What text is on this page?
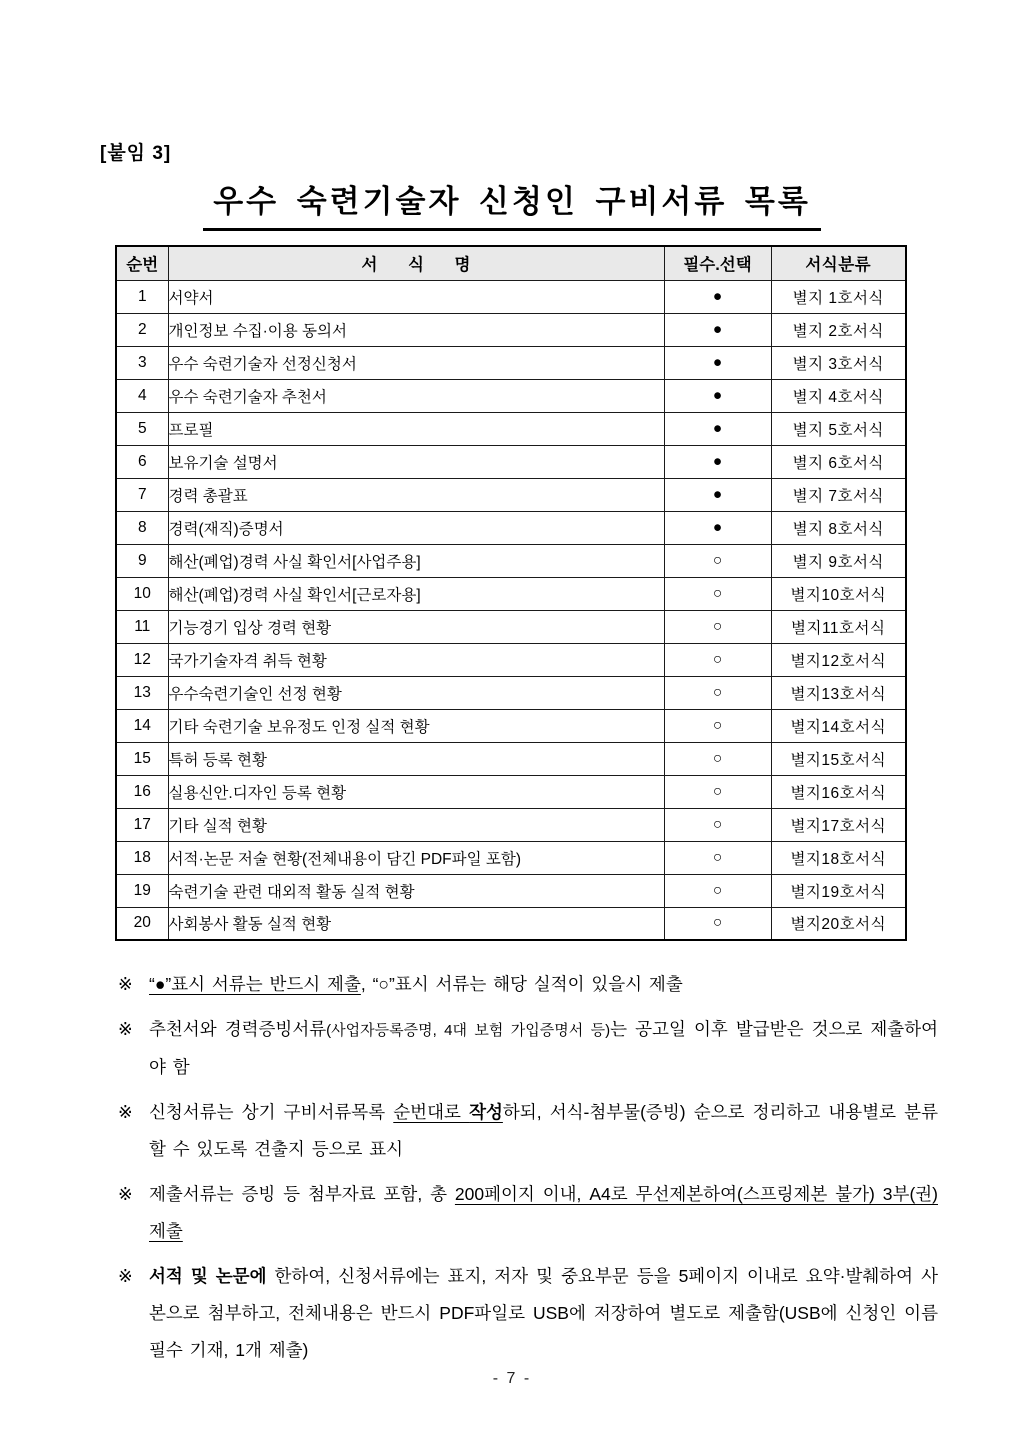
[붙임 3]
우수 숙련기술자 신청인 구비서류 목록
순번	서 식 명	필수.선택	서식분류
1	서약서	●	별지 1호서식
2	개인정보 수집·이용 동의서	●	별지 2호서식
3	우수 숙련기술자 선정신청서	●	별지 3호서식
4	우수 숙련기술자 추천서	●	별지 4호서식
5	프로필	●	별지 5호서식
6	보유기술 설명서	●	별지 6호서식
7	경력 총괄표	●	별지 7호서식
8	경력(재직)증명서	●	별지 8호서식
9	해산(폐업)경력 사실 확인서[사업주용]	○	별지 9호서식
10	해산(폐업)경력 사실 확인서[근로자용]	○	별지10호서식
11	기능경기 입상 경력 현황	○	별지11호서식
12	국가기술자격 취득 현황	○	별지12호서식
13	우수숙련기술인 선정 현황	○	별지13호서식
14	기타 숙련기술 보유정도 인정 실적 현황	○	별지14호서식
15	특허 등록 현황	○	별지15호서식
16	실용신안.디자인 등록 현황	○	별지16호서식
17	기타 실적 현황	○	별지17호서식
18	서적·논문 저술 현황(전체내용이 담긴 PDF파일 포함)	○	별지18호서식
19	숙련기술 관련 대외적 활동 실적 현황	○	별지19호서식
20	사회봉사 활동 실적 현황	○	별지20호서식
※ “●”표시 서류는 반드시 제출, “○”표시 서류는 해당 실적이 있을시 제출
※ 추천서와 경력증빙서류(사업자등록증명, 4대 보험 가입증명서 등)는 공고일 이후 발급받은 것으로 제출하여야 함
※ 신청서류는 상기 구비서류목록 순번대로 작성하되, 서식-첨부물(증빙) 순으로 정리하고 내용별로 분류할 수 있도록 견출지 등으로 표시
※ 제출서류는 증빙 등 첨부자료 포함, 총 200페이지 이내, A4로 무선제본하여(스프링제본 불가) 3부(권) 제출
※ 서적 및 논문에 한하여, 신청서류에는 표지, 저자 및 중요부문 등을 5페이지 이내로 요약·발췌하여 사본으로 첨부하고, 전체내용은 반드시 PDF파일로 USB에 저장하여 별도로 제출함(USB에 신청인 이름 필수 기재, 1개 제출)
- 7 -
